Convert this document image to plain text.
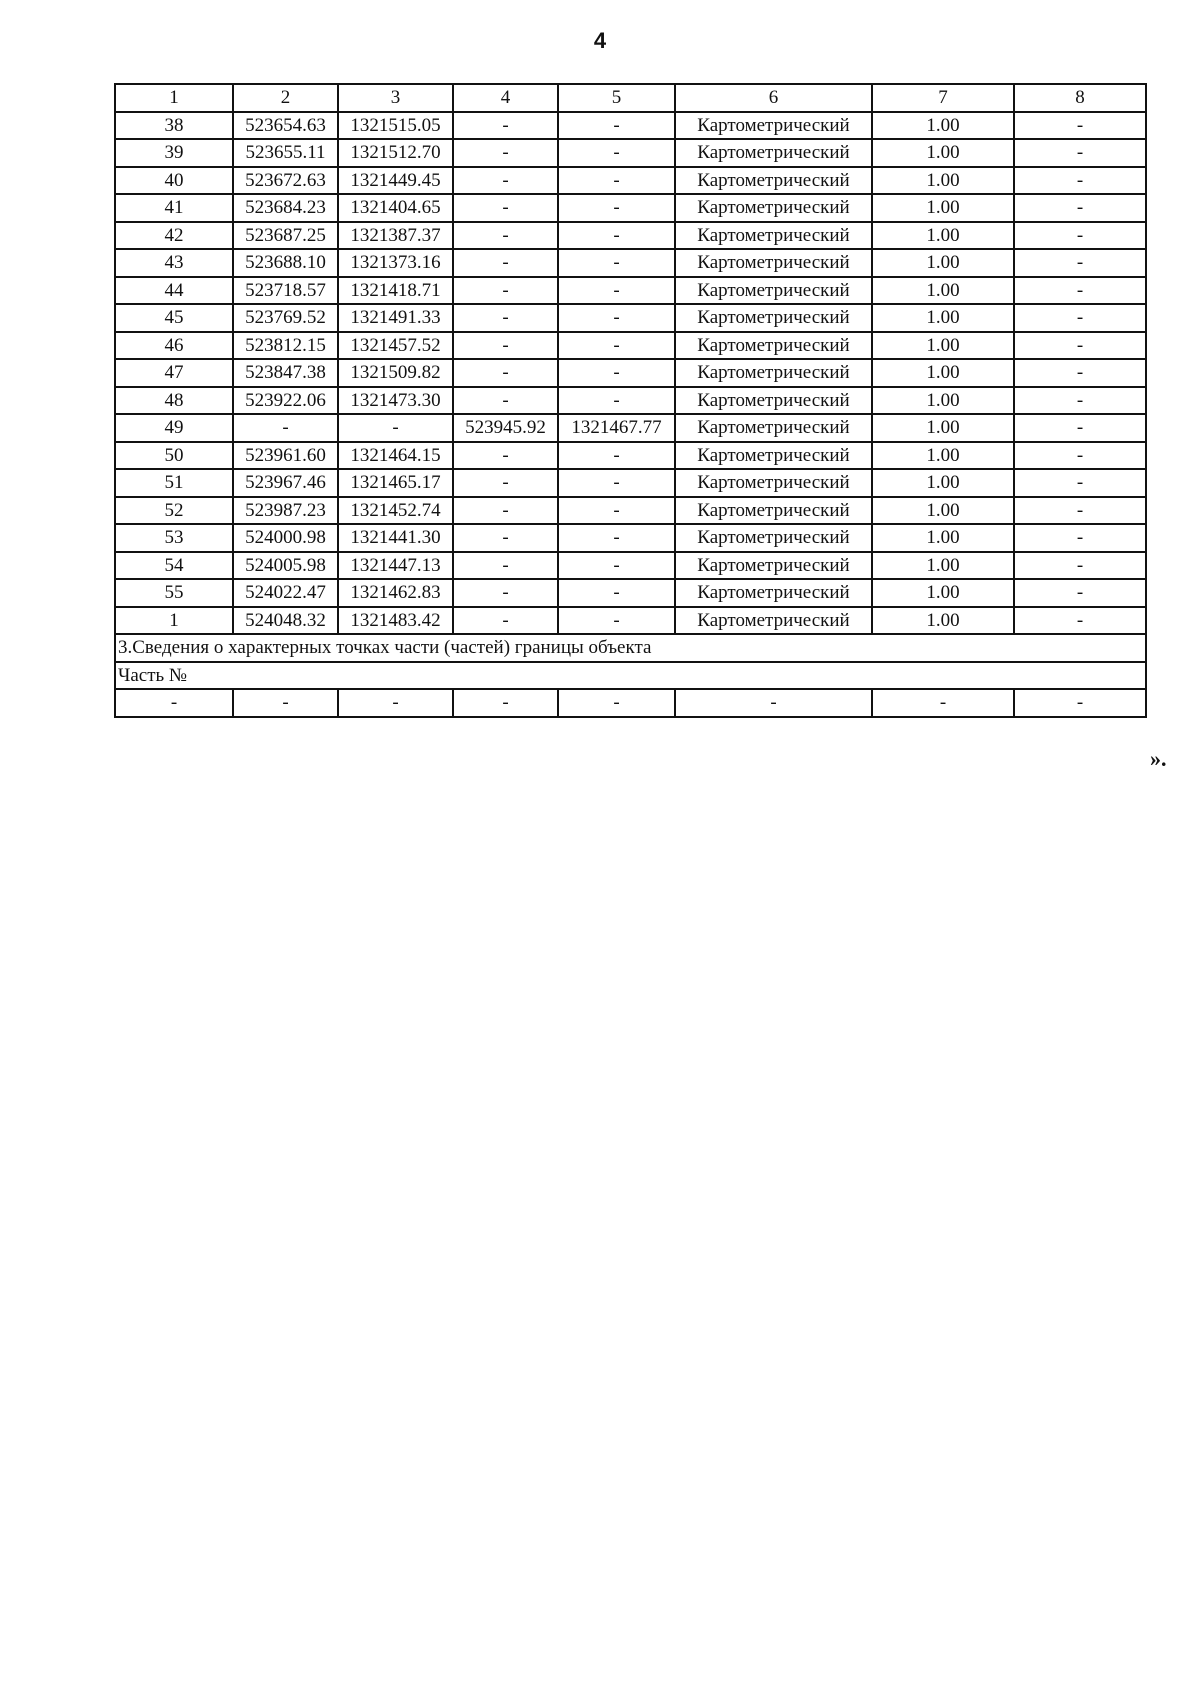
4
1	2	3	4	5	6	7	8
38	523654.63	1321515.05	-	-	Картометрический	1.00	-
39	523655.11	1321512.70	-	-	Картометрический	1.00	-
40	523672.63	1321449.45	-	-	Картометрический	1.00	-
41	523684.23	1321404.65	-	-	Картометрический	1.00	-
42	523687.25	1321387.37	-	-	Картометрический	1.00	-
43	523688.10	1321373.16	-	-	Картометрический	1.00	-
44	523718.57	1321418.71	-	-	Картометрический	1.00	-
45	523769.52	1321491.33	-	-	Картометрический	1.00	-
46	523812.15	1321457.52	-	-	Картометрический	1.00	-
47	523847.38	1321509.82	-	-	Картометрический	1.00	-
48	523922.06	1321473.30	-	-	Картометрический	1.00	-
49	-	-	523945.92	1321467.77	Картометрический	1.00	-
50	523961.60	1321464.15	-	-	Картометрический	1.00	-
51	523967.46	1321465.17	-	-	Картометрический	1.00	-
52	523987.23	1321452.74	-	-	Картометрический	1.00	-
53	524000.98	1321441.30	-	-	Картометрический	1.00	-
54	524005.98	1321447.13	-	-	Картометрический	1.00	-
55	524022.47	1321462.83	-	-	Картометрический	1.00	-
1	524048.32	1321483.42	-	-	Картометрический	1.00	-
3.Сведения о характерных точках части (частей) границы объекта							
Часть №							
-	-	-	-	-	-	-	-
».
